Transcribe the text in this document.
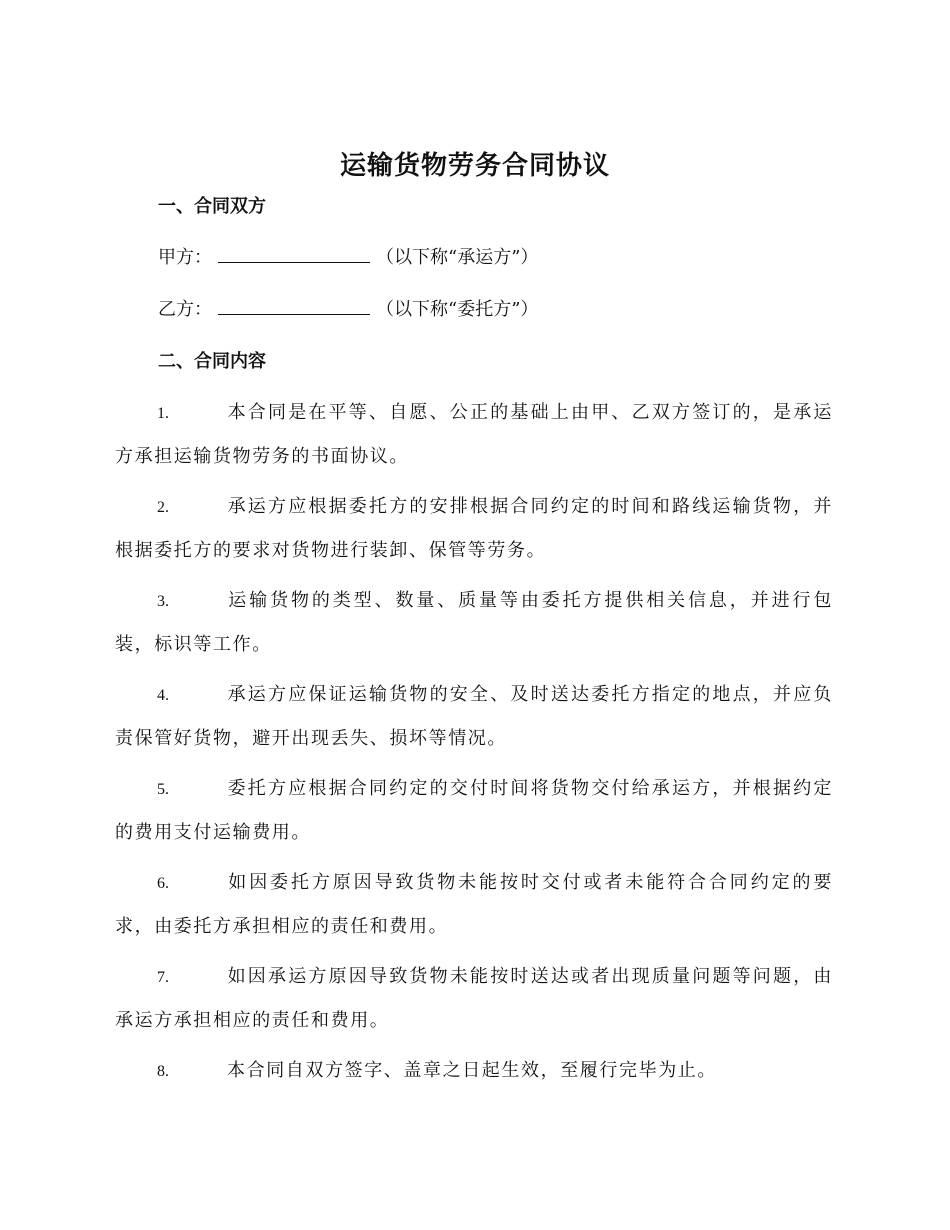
运输货物劳务合同协议
一、合同双方
甲方：	（以下称“承运方”）
乙方：	（以下称“委托方”）
二、合同内容
1.	本合同是在平等、自愿、公正的基础上由甲、乙双方签订的，是承运方承担运输货物劳务的书面协议。
2.	承运方应根据委托方的安排根据合同约定的时间和路线运输货物，并根据委托方的要求对货物进行装卸、保管等劳务。
3.	运输货物的类型、数量、质量等由委托方提供相关信息，并进行包装，标识等工作。
4.	承运方应保证运输货物的安全、及时送达委托方指定的地点，并应负责保管好货物，避开出现丢失、损坏等情况。
5.	委托方应根据合同约定的交付时间将货物交付给承运方，并根据约定的费用支付运输费用。
6.	如因委托方原因导致货物未能按时交付或者未能符合合同约定的要求，由委托方承担相应的责任和费用。
7.	如因承运方原因导致货物未能按时送达或者出现质量问题等问题，由承运方承担相应的责任和费用。
8.	本合同自双方签字、盖章之日起生效，至履行完毕为止。
